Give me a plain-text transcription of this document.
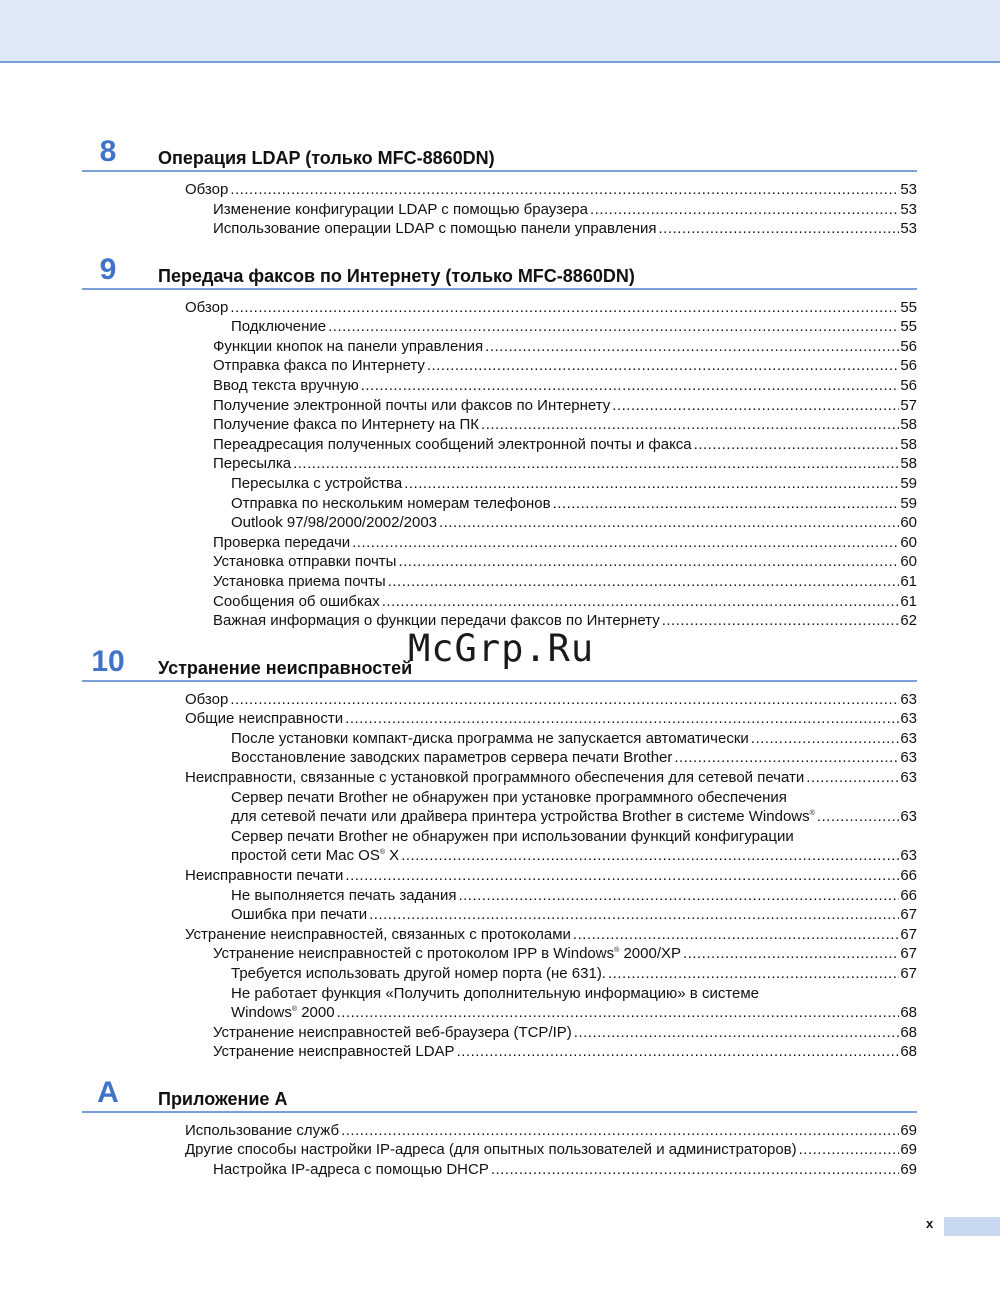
8	Операция LDAP (только MFC-8860DN)
Обзор .....	53
Изменение конфигурации LDAP с помощью браузера .....	53
Использование операции LDAP с помощью панели управления .....	53
9	Передача факсов по Интернету (только MFC-8860DN)
Обзор .....	55
Подключение .....	55
Функции кнопок на панели управления .....	56
Отправка факса по Интернету .....	56
Ввод текста вручную .....	56
Получение электронной почты или факсов по Интернету .....	57
Получение факса по Интернету на ПК .....	58
Переадресация полученных сообщений электронной почты и факса .....	58
Пересылка .....	58
Пересылка с устройства .....	59
Отправка по нескольким номерам телефонов .....	59
Outlook 97/98/2000/2002/2003 .....	60
Проверка передачи .....	60
Установка отправки почты .....	60
Установка приема почты .....	61
Сообщения об ошибках .....	61
Важная информация о функции передачи факсов по Интернету .....	62
10	Устранение неисправностей
Обзор .....	63
Общие неисправности .....	63
После установки компакт-диска программа не запускается автоматически .....	63
Восстановление заводских параметров сервера печати Brother .....	63
Неисправности, связанные с установкой программного обеспечения для сетевой печати .....	63
Сервер печати Brother не обнаружен при установке программного обеспечения
для сетевой печати или драйвера принтера устройства Brother в системе Windows® .....	63
Сервер печати Brother не обнаружен при использовании функций конфигурации
простой сети Mac OS® X .....	63
Неисправности печати .....	66
Не выполняется печать задания .....	66
Ошибка при печати .....	67
Устранение неисправностей, связанных с протоколами .....	67
Устранение неисправностей с протоколом IPP в Windows® 2000/XP .....	67
Требуется использовать другой номер порта (не 631). .....	67
Не работает функция «Получить дополнительную информацию» в системе
Windows® 2000 .....	68
Устранение неисправностей веб-браузера (TCP/IP) .....	68
Устранение неисправностей LDAP .....	68
A	Приложение A
Использование служб .....	69
Другие способы настройки IP-адреса (для опытных пользователей и администраторов) .....	69
Настройка IP-адреса с помощью DHCP .....	69
McGrp.Ru
x
